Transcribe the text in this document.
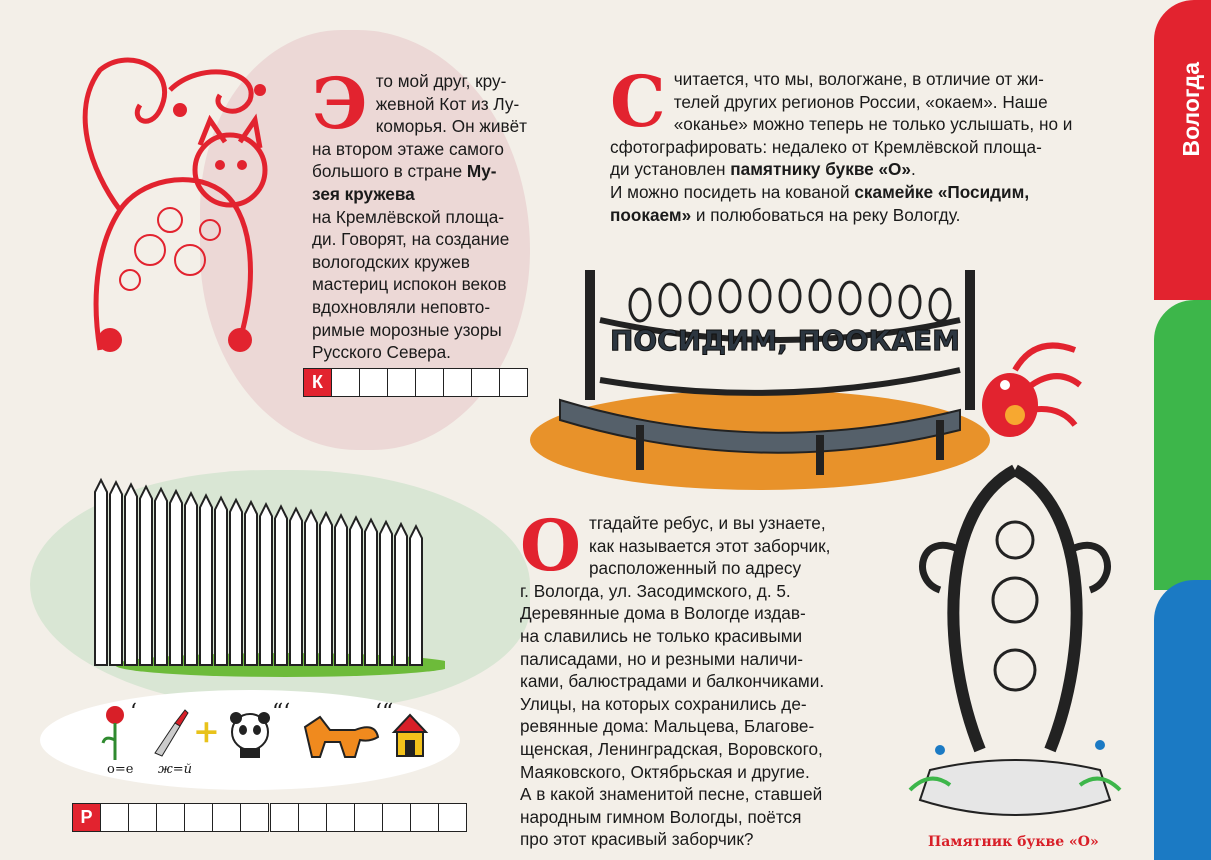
Вологда
Э то мой друг, кру-
жевной Кот из Лу-
коморья. Он живёт
на втором этаже самого
большого в стране Му-
зея кружева
на Кремлёвской площа-
ди. Говорят, на создание
вологодских кружев
мастериц испокон веков
вдохновляли неповто-
римые морозные узоры
Русского Севера.
К
С читается, что мы, вологжане, в отличие от жи-
телей других регионов России, «окаем». Наше
«оканье» можно теперь не только услышать, но и
сфотографировать: недалеко от Кремлёвской площа-
ди установлен памятнику букве «О».
И можно посидеть на кованой скамейке «Посидим,
поокаем» и полюбоваться на реку Вологду.
ПОСИДИМ, ПООКАЕМ
Памятник букве «О»
О тгадайте ребус, и вы узнаете,
как называется этот заборчик,
расположенный по адресу
г. Вологда, ул. Засодимского, д. 5.
Деревянные дома в Вологде издав-
на славились не только красивыми
палисадами, но и резными наличи-
ками, балюстрадами и балкончиками.
Улицы, на которых сохранились де-
ревянные дома: Мальцева, Благове-
щенская, Ленинградская, Воровского,
Маяковского, Октябрьская и другие.
А в какой знаменитой песне, ставшей
народным гимном Вологды, поётся
про этот красивый заборчик?
‘ + “‘	‘“
о=е ж=й
Р
